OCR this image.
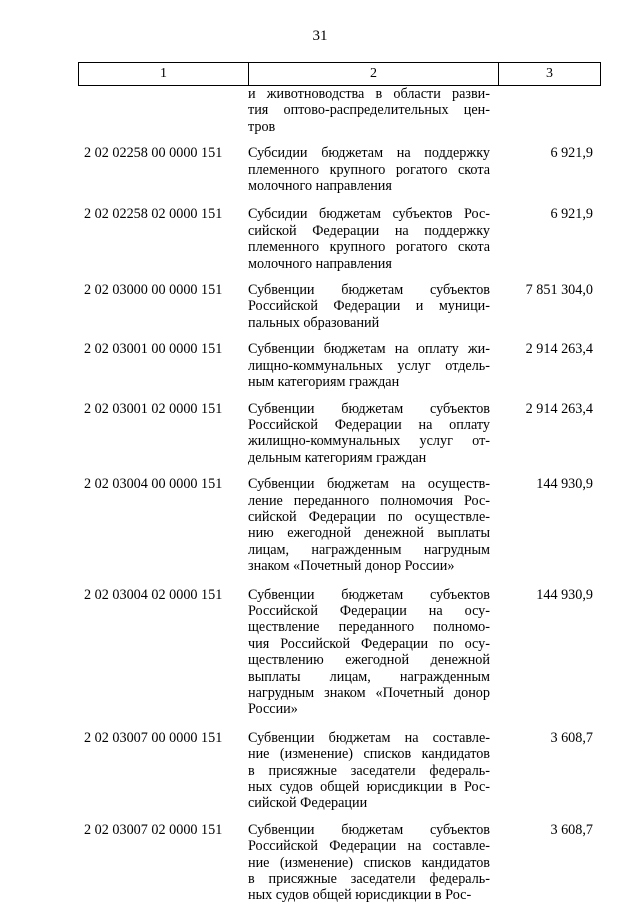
31
1	2	3
и животноводства в области разви-
тия оптово-распределительных цен-
тров
2 02 02258 00 0000 151 Субсидии бюджетам на поддержку
племенного крупного рогатого скота
молочного направления
6 921,9
2 02 02258 02 0000 151 Субсидии бюджетам субъектов Рос-
сийской Федерации на поддержку
племенного крупного рогатого скота
молочного направления
6 921,9
2 02 03000 00 0000 151 Субвенции бюджетам субъектов
Российской Федерации и муници-
пальных образований
7 851 304,0
2 02 03001 00 0000 151 Субвенции бюджетам на оплату жи-
лищно-коммунальных услуг отдель-
ным категориям граждан
2 914 263,4
2 02 03001 02 0000 151 Субвенции бюджетам субъектов
Российской Федерации на оплату
жилищно-коммунальных услуг от-
дельным категориям граждан
2 914 263,4
2 02 03004 00 0000 151 Субвенции бюджетам на осуществ-
ление переданного полномочия Рос-
сийской Федерации по осуществле-
нию ежегодной денежной выплаты
лицам, награжденным нагрудным
знаком «Почетный донор России»
144 930,9
2 02 03004 02 0000 151 Субвенции бюджетам субъектов
Российской Федерации на осу-
ществление переданного полномо-
чия Российской Федерации по осу-
ществлению ежегодной денежной
выплаты лицам, награжденным
нагрудным знаком «Почетный донор
России»
144 930,9
2 02 03007 00 0000 151 Субвенции бюджетам на составле-
ние (изменение) списков кандидатов
в присяжные заседатели федераль-
ных судов общей юрисдикции в Рос-
сийской Федерации
3 608,7
2 02 03007 02 0000 151 Субвенции бюджетам субъектов
Российской Федерации на составле-
ние (изменение) списков кандидатов
в присяжные заседатели федераль-
ных судов общей юрисдикции в Рос-
3 608,7
